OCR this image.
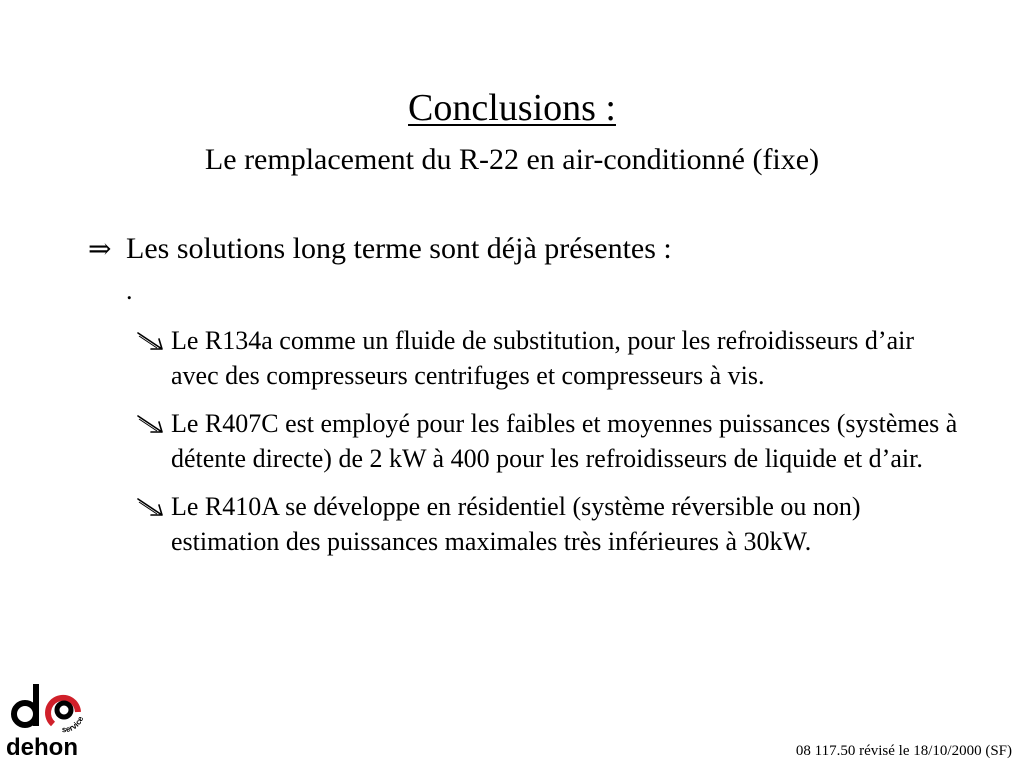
Conclusions :
Le remplacement du R-22 en air-conditionné (fixe)
⇒ Les solutions long terme sont déjà présentes :
.
Le R134a comme un fluide de substitution, pour les refroidisseurs d’air avec des compresseurs centrifuges et compresseurs à vis.
Le R407C est employé pour les faibles et moyennes puissances (systèmes à détente directe) de 2 kW à 400 pour les refroidisseurs de liquide et d’air.
Le R410A se développe en résidentiel (système réversible ou non) estimation des puissances maximales très inférieures à 30kW.
service
dehon	08 117.50 révisé le 18/10/2000 (SF)
